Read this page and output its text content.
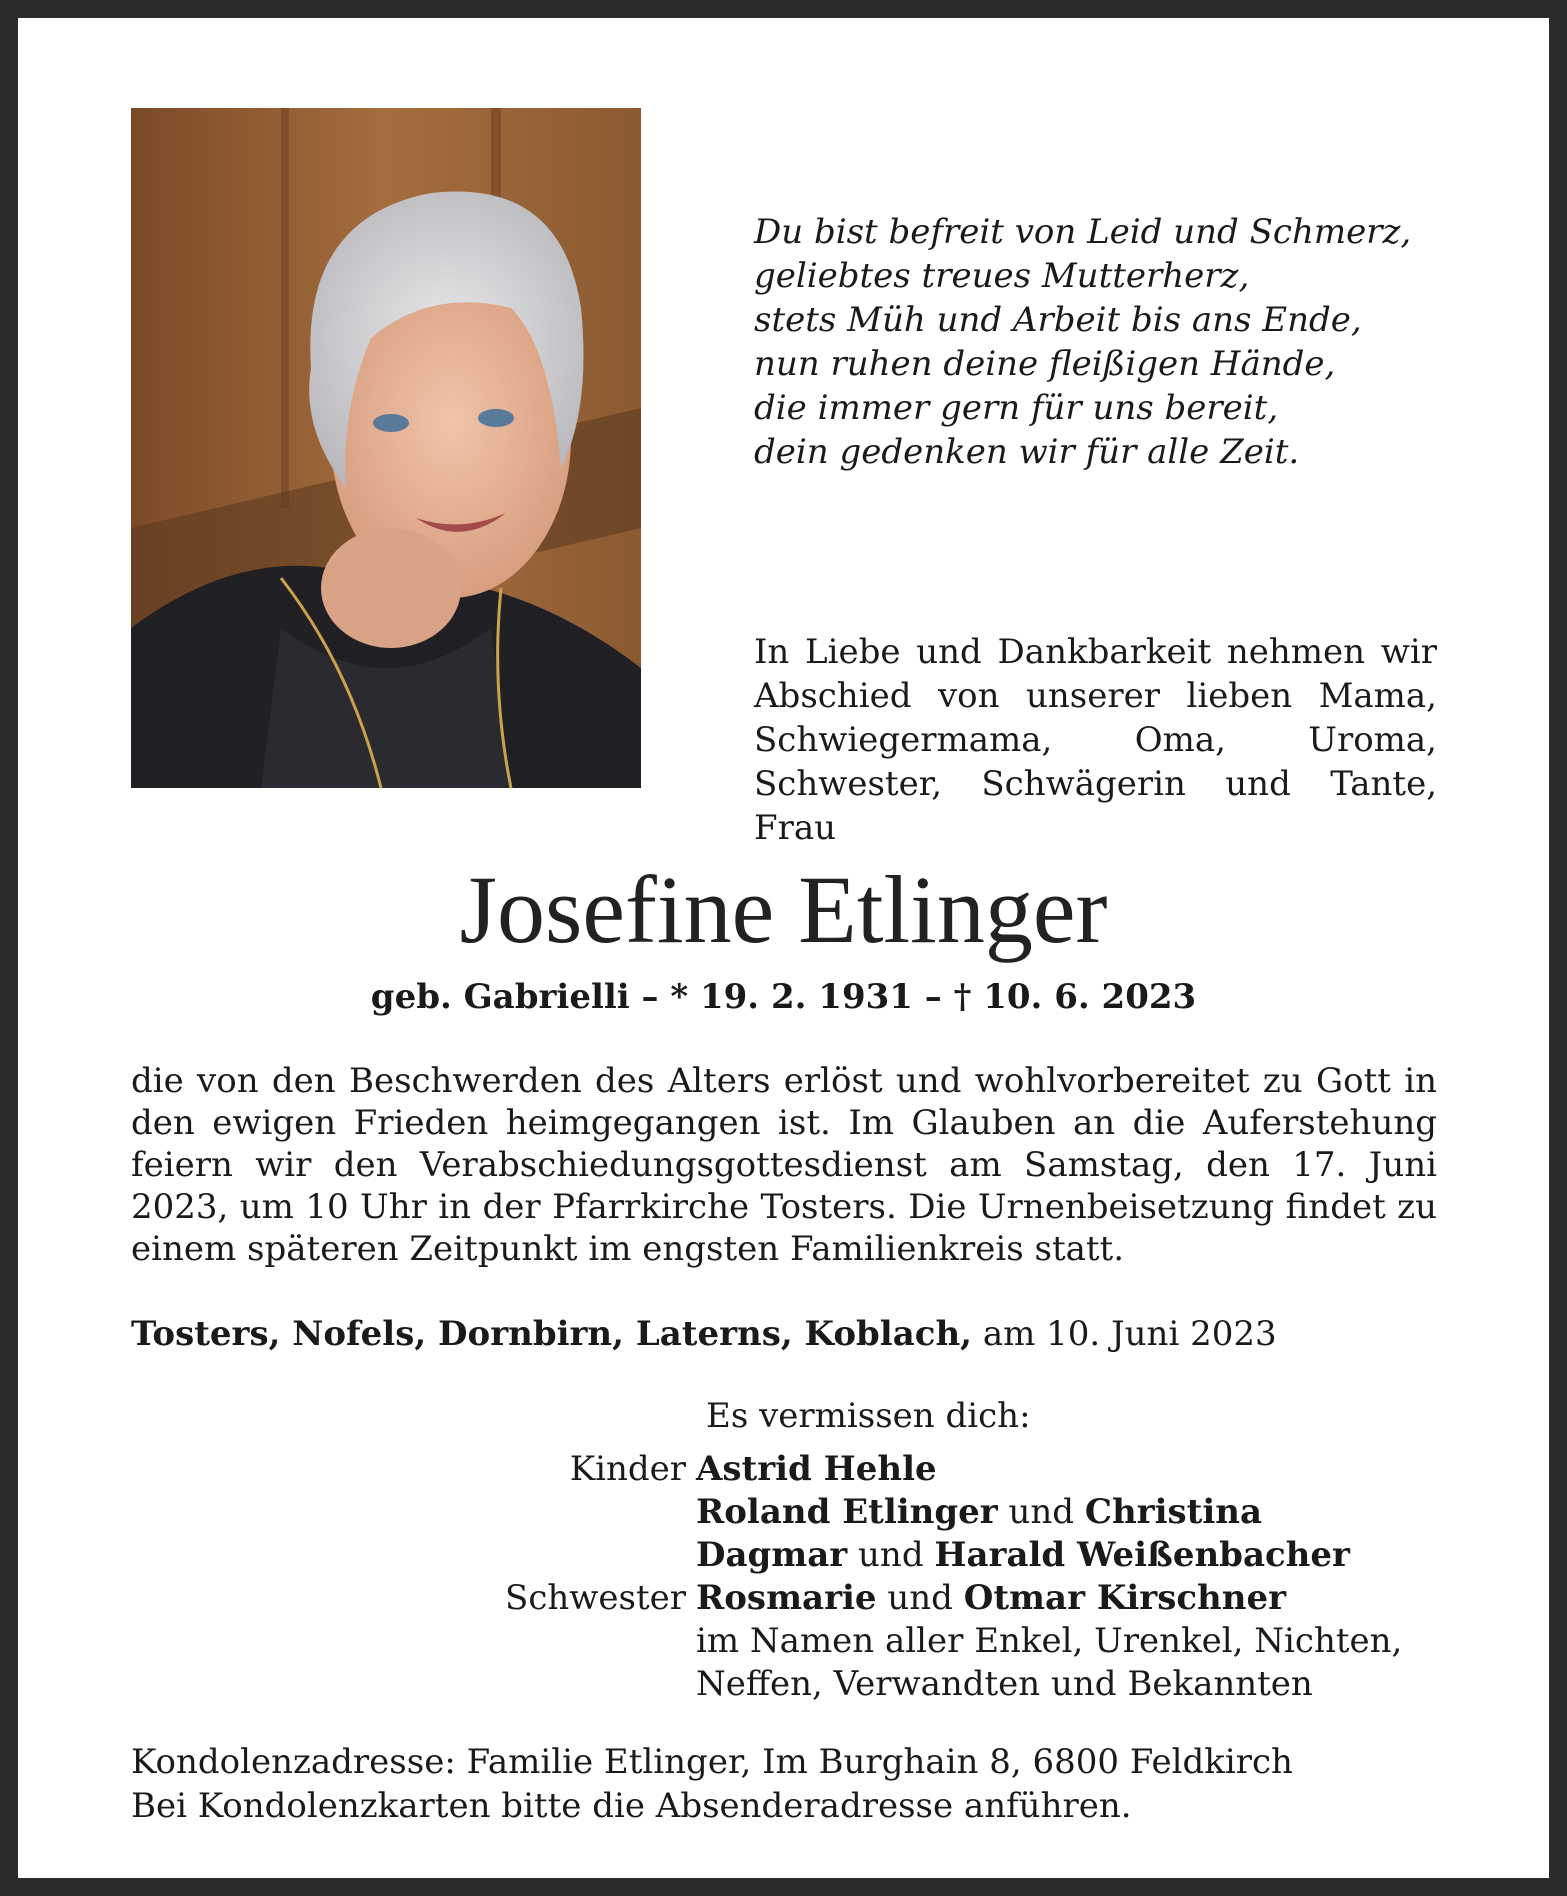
Du bist befreit von Leid und Schmerz,
geliebtes treues Mutterherz,
stets Müh und Arbeit bis ans Ende,
nun ruhen deine fleißigen Hände,
die immer gern für uns bereit,
dein gedenken wir für alle Zeit.
In Liebe und Dankbarkeit nehmen wir Abschied von unserer lieben Mama, Schwiegermama, Oma, Uroma, Schwester, Schwägerin und Tante, Frau
Josefine Etlinger
geb. Gabrielli – * 19. 2. 1931 – † 10. 6. 2023
die von den Beschwerden des Alters erlöst und wohlvorbereitet zu Gott in den ewigen Frieden heimgegangen ist. Im Glauben an die Auferstehung feiern wir den Verabschiedungsgottesdienst am Samstag, den 17. Juni 2023, um 10 Uhr in der Pfarrkirche Tosters. Die Urnenbeisetzung findet zu einem späteren Zeitpunkt im engsten Familienkreis statt.
Tosters, Nofels, Dornbirn, Laterns, Koblach, am 10. Juni 2023
Es vermissen dich:
Kinder Astrid Hehle
Roland Etlinger und Christina
Dagmar und Harald Weißenbacher
Schwester Rosmarie und Otmar Kirschner
im Namen aller Enkel, Urenkel, Nichten,
Neffen, Verwandten und Bekannten
Kondolenzadresse: Familie Etlinger, Im Burghain 8, 6800 Feldkirch
Bei Kondolenzkarten bitte die Absenderadresse anführen.
